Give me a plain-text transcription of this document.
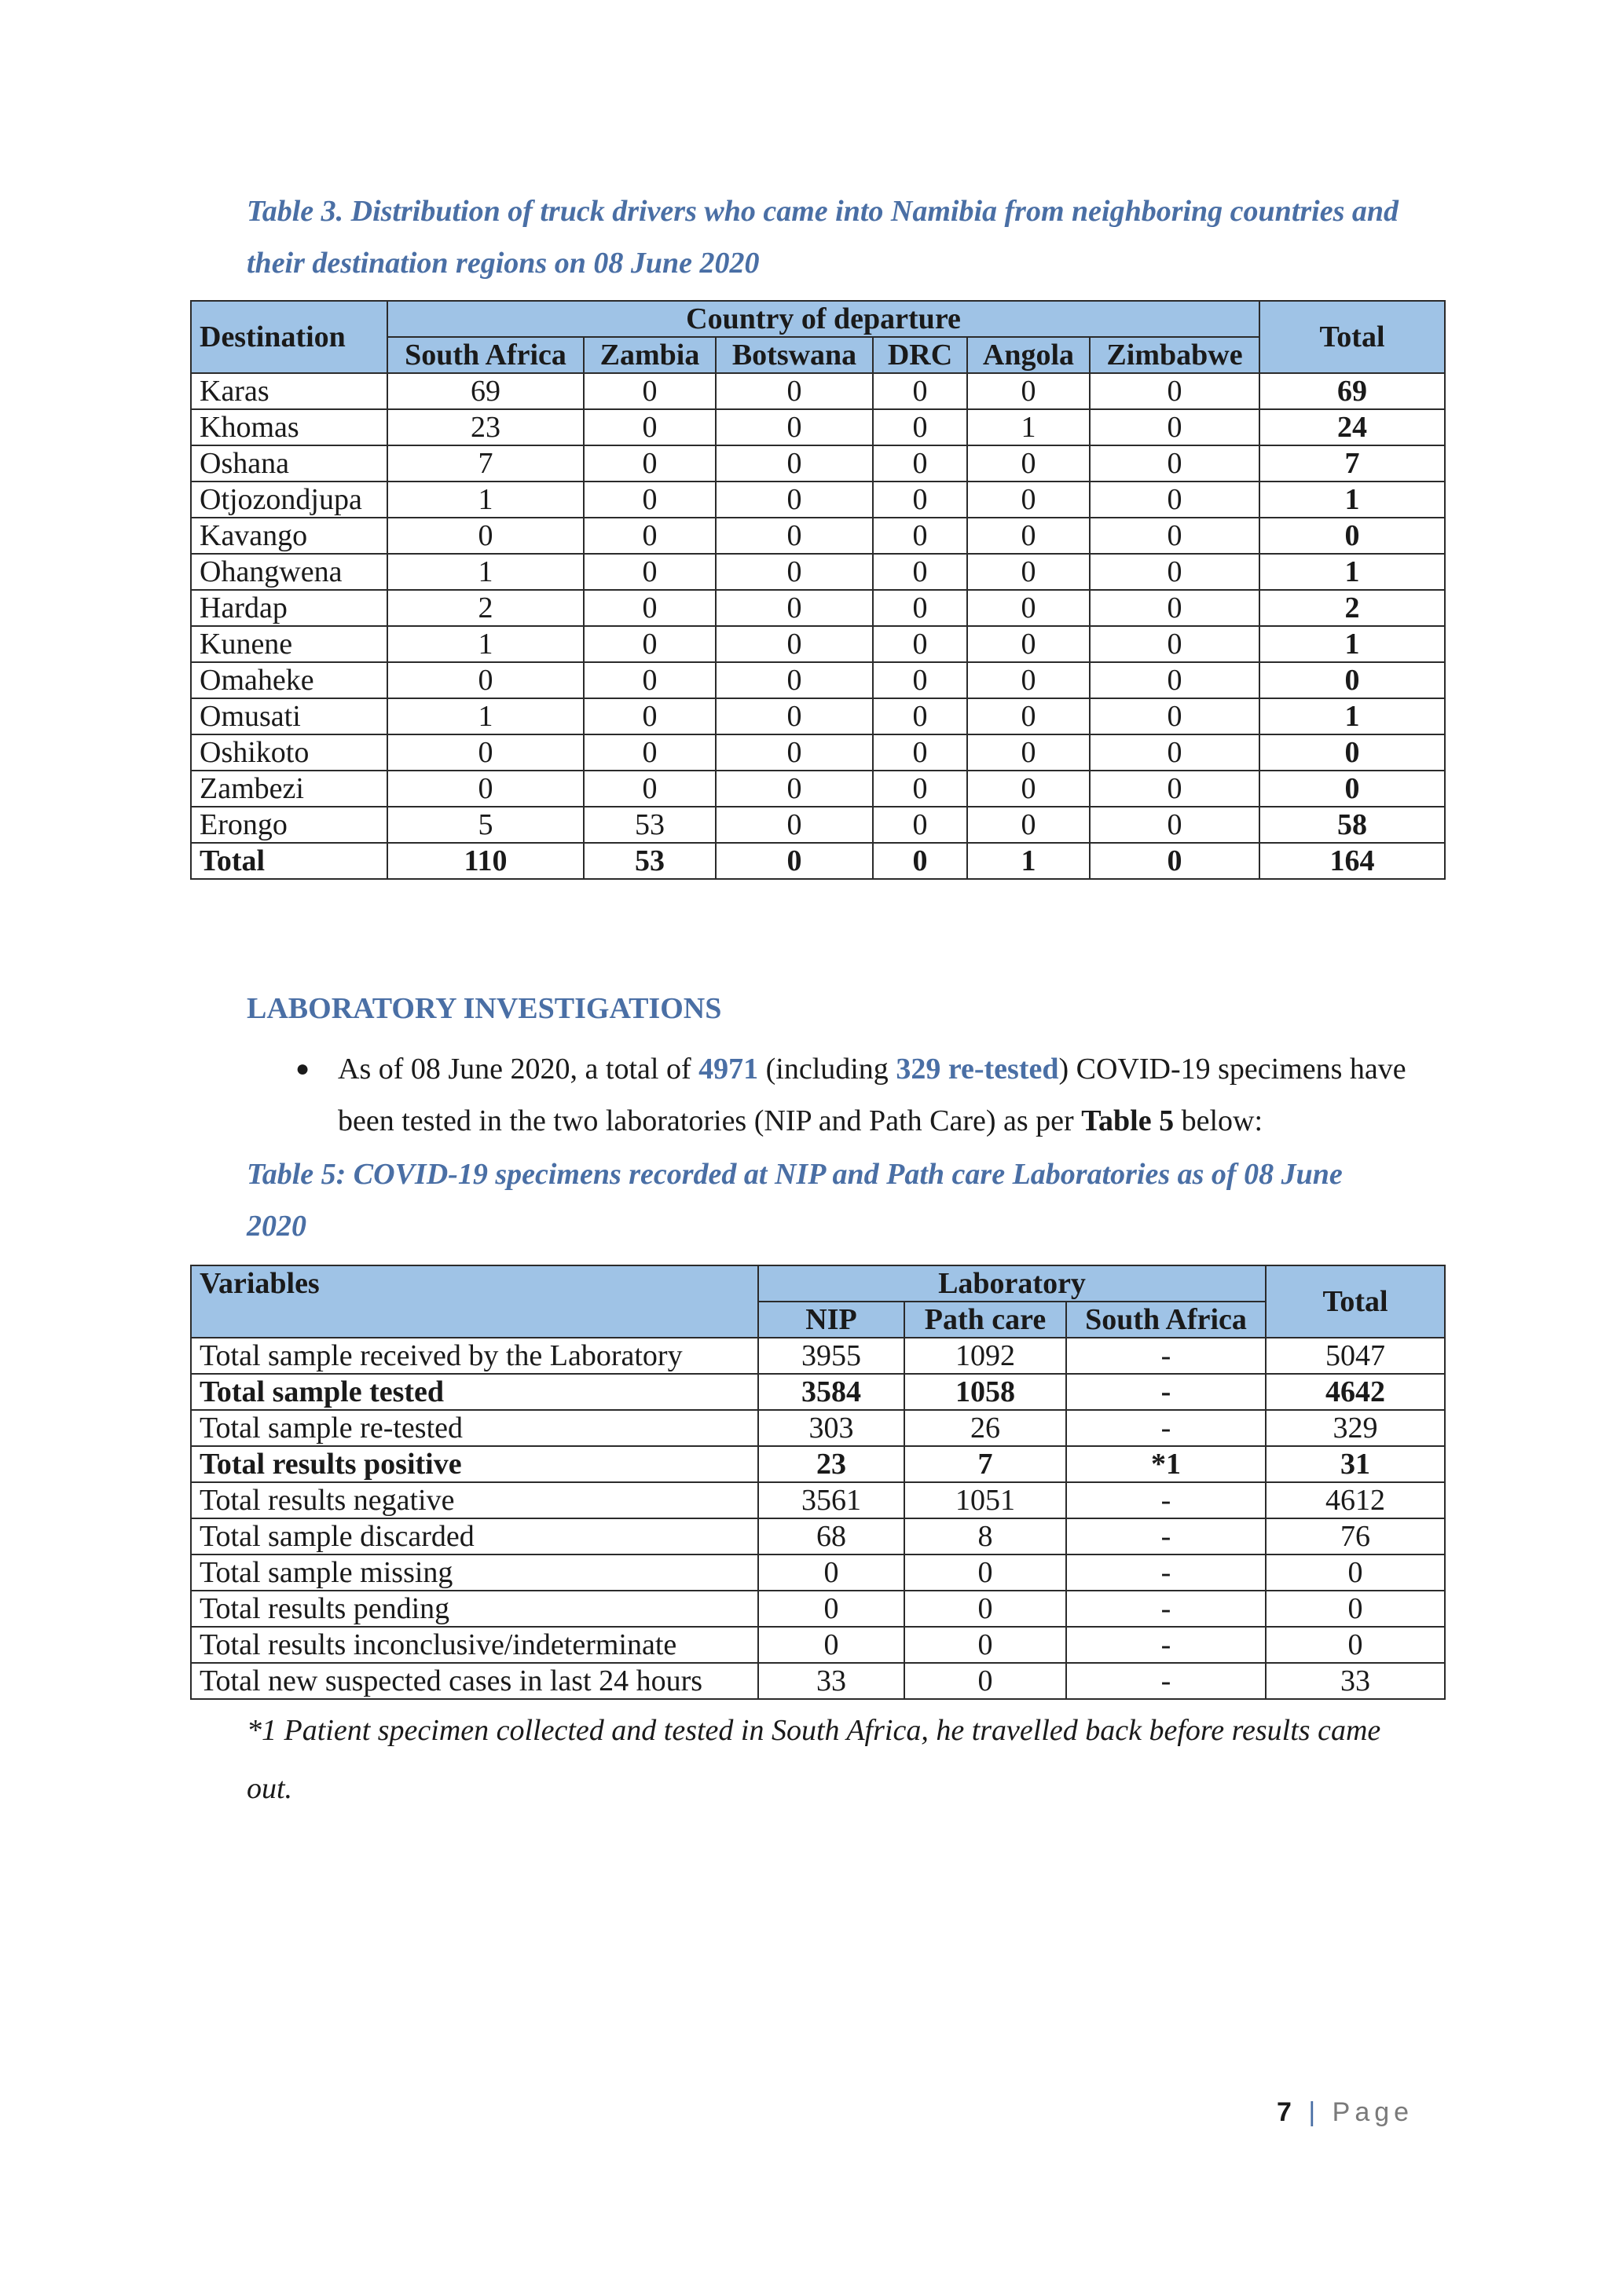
Table 3. Distribution of truck drivers who came into Namibia from neighboring countries and their destination regions on 08 June 2020
Destination	Country of departure						Total
	South Africa	Zambia	Botswana	DRC	Angola	Zimbabwe	
Karas	69	0	0	0	0	0	69
Khomas	23	0	0	0	1	0	24
Oshana	7	0	0	0	0	0	7
Otjozondjupa	1	0	0	0	0	0	1
Kavango	0	0	0	0	0	0	0
Ohangwena	1	0	0	0	0	0	1
Hardap	2	0	0	0	0	0	2
Kunene	1	0	0	0	0	0	1
Omaheke	0	0	0	0	0	0	0
Omusati	1	0	0	0	0	0	1
Oshikoto	0	0	0	0	0	0	0
Zambezi	0	0	0	0	0	0	0
Erongo	5	53	0	0	0	0	58
Total	110	53	0	0	1	0	164
LABORATORY INVESTIGATIONS
● As of 08 June 2020, a total of 4971 (including 329 re-tested) COVID-19 specimens have been tested in the two laboratories (NIP and Path Care) as per Table 5 below:
Table 5: COVID-19 specimens recorded at NIP and Path care Laboratories as of 08 June 2020
Variables	Laboratory			Total
	NIP	Path care	South Africa	
Total sample received by the Laboratory	3955	1092	-	5047
Total sample tested	3584	1058	-	4642
Total sample re-tested	303	26	-	329
Total results positive	23	7	*1	31
Total results negative	3561	1051	-	4612
Total sample discarded	68	8	-	76
Total sample missing	0	0	-	0
Total results pending	0	0	-	0
Total results inconclusive/indeterminate	0	0	-	0
Total new suspected cases in last 24 hours	33	0	-	33
*1 Patient specimen collected and tested in South Africa, he travelled back before results came out.
7 | Page
